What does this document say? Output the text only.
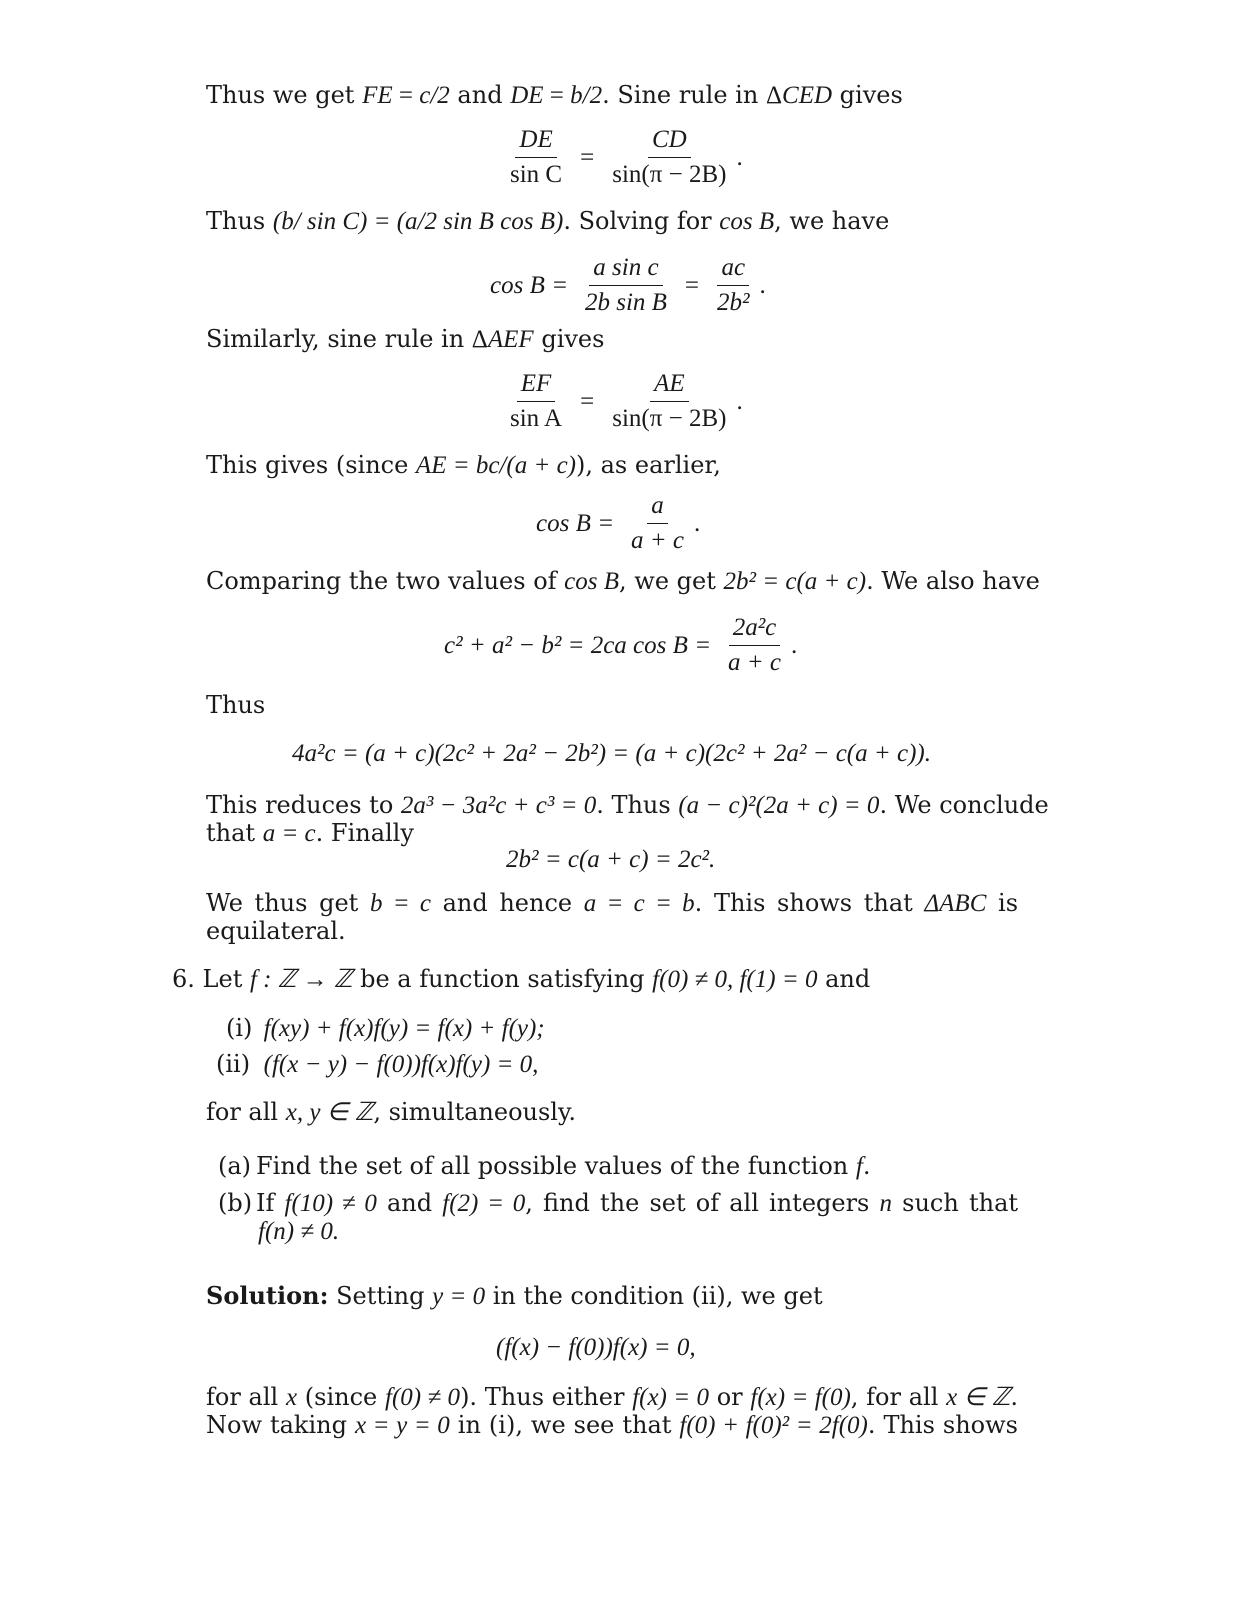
Thus we get FE = c/2 and DE = b/2. Sine rule in ΔCED gives
$\frac{DE}{\text{sin C}} = \frac{CD}{\sin(\pi - 2B)}$ .
Thus (b/ sin C) = (a/2 sin B cos B). Solving for cos B, we have
$\cos B = \frac{\text{a sin c}}{\text{2b sin B}} = \frac{ac}{\text{2b²}}$ .
Similarly, sine rule in ΔAEF gives
$\frac{EF}{\text{sin A}} = \frac{AE}{\sin(\pi - 2B)}$ .
This gives (since AE = bc/(a + c)), as earlier,
$\cos B = \frac{a}{a + c}$ .
Comparing the two values of cos B, we get 2b² = c(a + c). We also have
c² + a² − b² = 2ca $\cos B = \frac{\text{2a²c}}{a + c}$ .
Thus
4a²c = (a + c)(2c² + 2a² − 2b²) = (a + c)(2c² + 2a² − c(a + c)).
This reduces to 2a³ − 3a²c + c³ = 0. Thus (a − c)²(2a + c) = 0. We conclude
that a = c. Finally
2b² = c(a + c) = 2c².
We thus get b = c and hence a = c = b. This shows that ΔABC is
equilateral.
6. Let f : ℤ → ℤ be a function satisfying f(0) ≠ 0, f(1) = 0 and
(i) f(xy) + f(x)f(y) = f(x) + f(y);
(ii) (f(x − y) − f(0))f(x)f(y) = 0,
for all x, y ∈ ℤ, simultaneously.
(a) Find the set of all possible values of the function f.
(b) If f(10) ≠ 0 and f(2) = 0, find the set of all integers n such that
f(n) ≠ 0.
Solution: Setting y = 0 in the condition (ii), we get
(f(x) − f(0))f(x) = 0,
for all x (since f(0) ≠ 0). Thus either f(x) = 0 or f(x) = f(0), for all x ∈ ℤ.
Now taking x = y = 0 in (i), we see that f(0) + f(0)² = 2f(0). This shows
